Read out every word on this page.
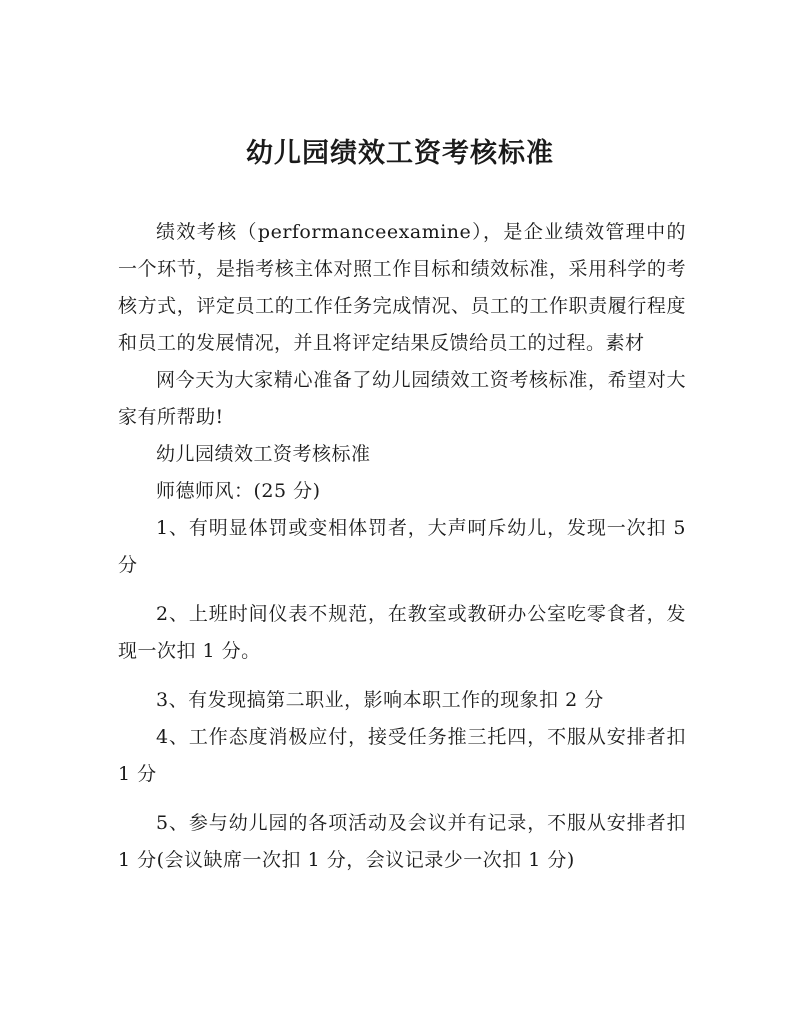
幼儿园绩效工资考核标准

绩效考核（performanceexamine），是企业绩效管理中的一个环节，是指考核主体对照工作目标和绩效标准，采用科学的考核方式，评定员工的工作任务完成情况、员工的工作职责履行程度和员工的发展情况，并且将评定结果反馈给员工的过程。素材

网今天为大家精心准备了幼儿园绩效工资考核标准，希望对大家有所帮助!

幼儿园绩效工资考核标准

师德师风：(25 分)

1、有明显体罚或变相体罚者，大声呵斥幼儿，发现一次扣 5 分

2、上班时间仪表不规范，在教室或教研办公室吃零食者，发现一次扣 1 分。

3、有发现搞第二职业，影响本职工作的现象扣 2 分

4、工作态度消极应付，接受任务推三托四，不服从安排者扣 1 分

5、参与幼儿园的各项活动及会议并有记录，不服从安排者扣 1 分(会议缺席一次扣 1 分，会议记录少一次扣 1 分)
